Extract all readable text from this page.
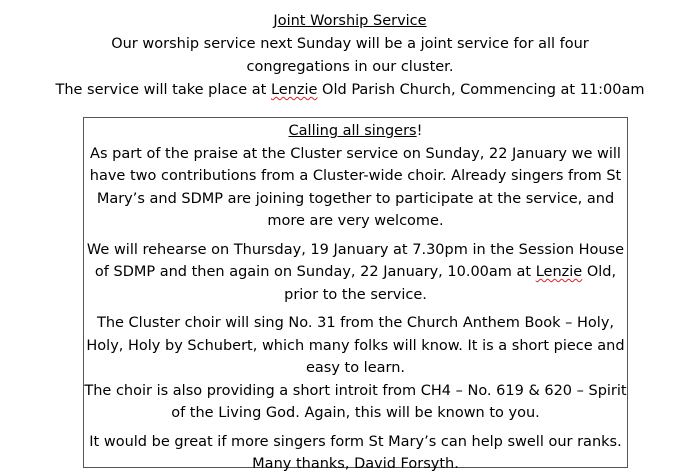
Joint Worship Service

Our worship service next Sunday will be a joint service for all four

congregations in our cluster.

The service will take place at Lenzie Old Parish Church, Commencing at 11:00am

Calling all singers!

As part of the praise at the Cluster service on Sunday, 22 January we will

have two contributions from a Cluster-wide choir. Already singers from St

Mary’s and SDMP are joining together to participate at the service, and

more are very welcome.

We will rehearse on Thursday, 19 January at 7.30pm in the Session House

of SDMP and then again on Sunday, 22 January, 10.00am at Lenzie Old,

prior to the service.

The Cluster choir will sing No. 31 from the Church Anthem Book – Holy,

Holy, Holy by Schubert, which many folks will know. It is a short piece and

easy to learn.

The choir is also providing a short introit from CH4 – No. 619 & 620 – Spirit

of the Living God. Again, this will be known to you.

It would be great if more singers form St Mary’s can help swell our ranks.

Many thanks, David Forsyth.
